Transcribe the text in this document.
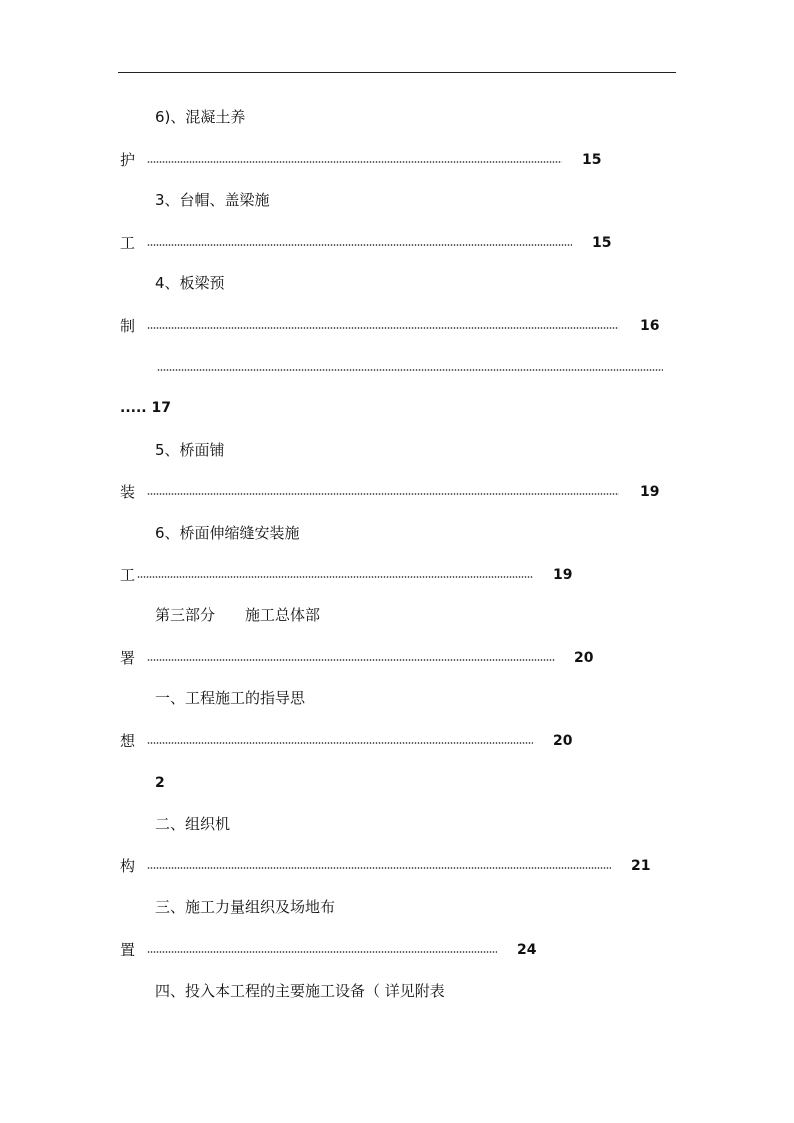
6)、混凝土养
护	15
3、台帽、盖梁施
工	15
4、板梁预
制	16
..... 17
5、桥面铺
装	19
6、桥面伸缩缝安装施
工	19
第三部分　　施工总体部
署	20
一、工程施工的指导思
想	20
2
二、组织机
构	21
三、施工力量组织及场地布
置	24
四、投入本工程的主要施工设备（ 详见附表
